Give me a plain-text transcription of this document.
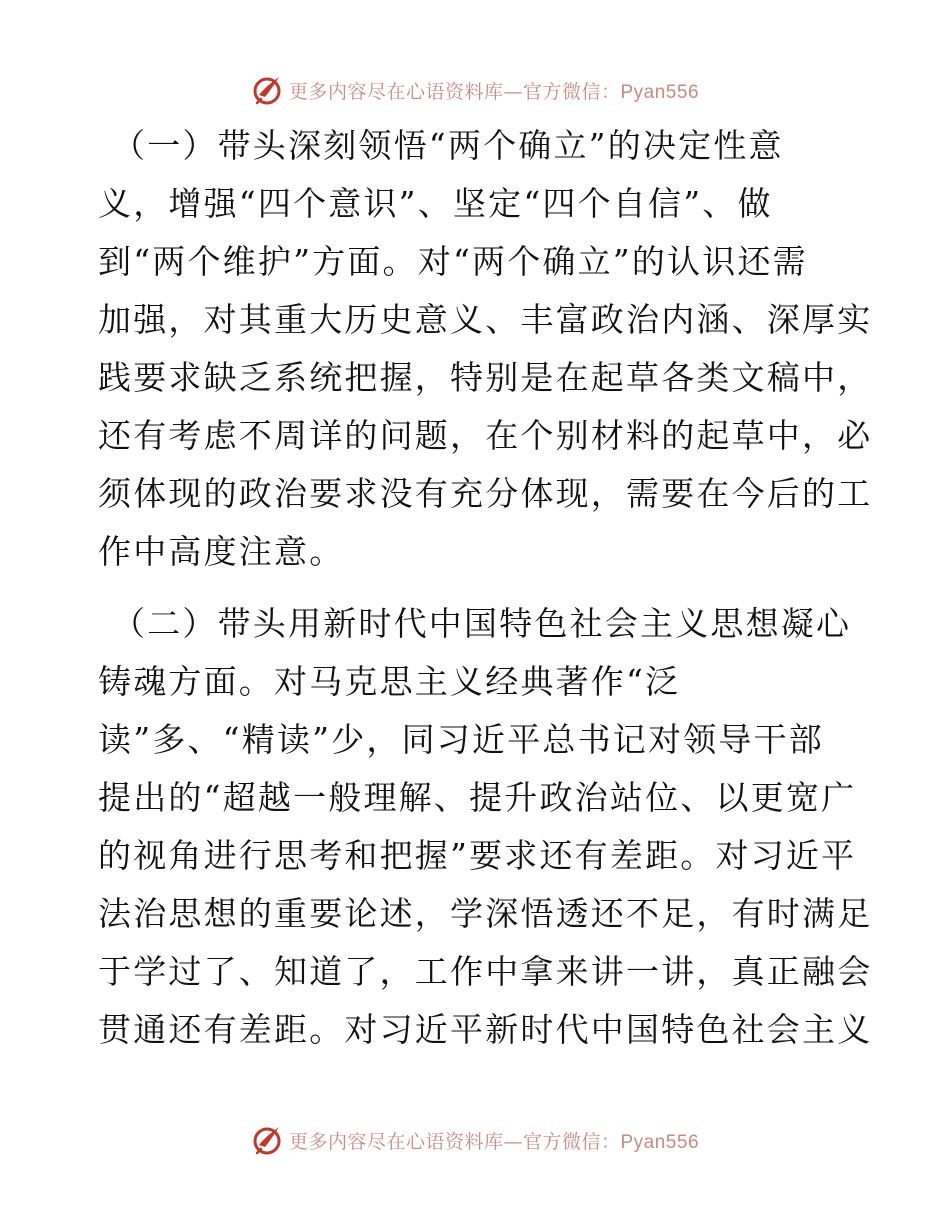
更多内容尽在心语资料库—官方微信：Pyan556
（一）带头深刻领悟“两个确立”的决定性意
义，增强“四个意识”、坚定“四个自信”、做
到“两个维护”方面。对“两个确立”的认识还需
加强，对其重大历史意义、丰富政治内涵、深厚实
践要求缺乏系统把握，特别是在起草各类文稿中，
还有考虑不周详的问题，在个别材料的起草中，必
须体现的政治要求没有充分体现，需要在今后的工
作中高度注意。
（二）带头用新时代中国特色社会主义思想凝心
铸魂方面。对马克思主义经典著作“泛
读”多、“精读”少，同习近平总书记对领导干部
提出的“超越一般理解、提升政治站位、以更宽广
的视角进行思考和把握”要求还有差距。对习近平
法治思想的重要论述，学深悟透还不足，有时满足
于学过了、知道了，工作中拿来讲一讲，真正融会
贯通还有差距。对习近平新时代中国特色社会主义
更多内容尽在心语资料库—官方微信：Pyan556
